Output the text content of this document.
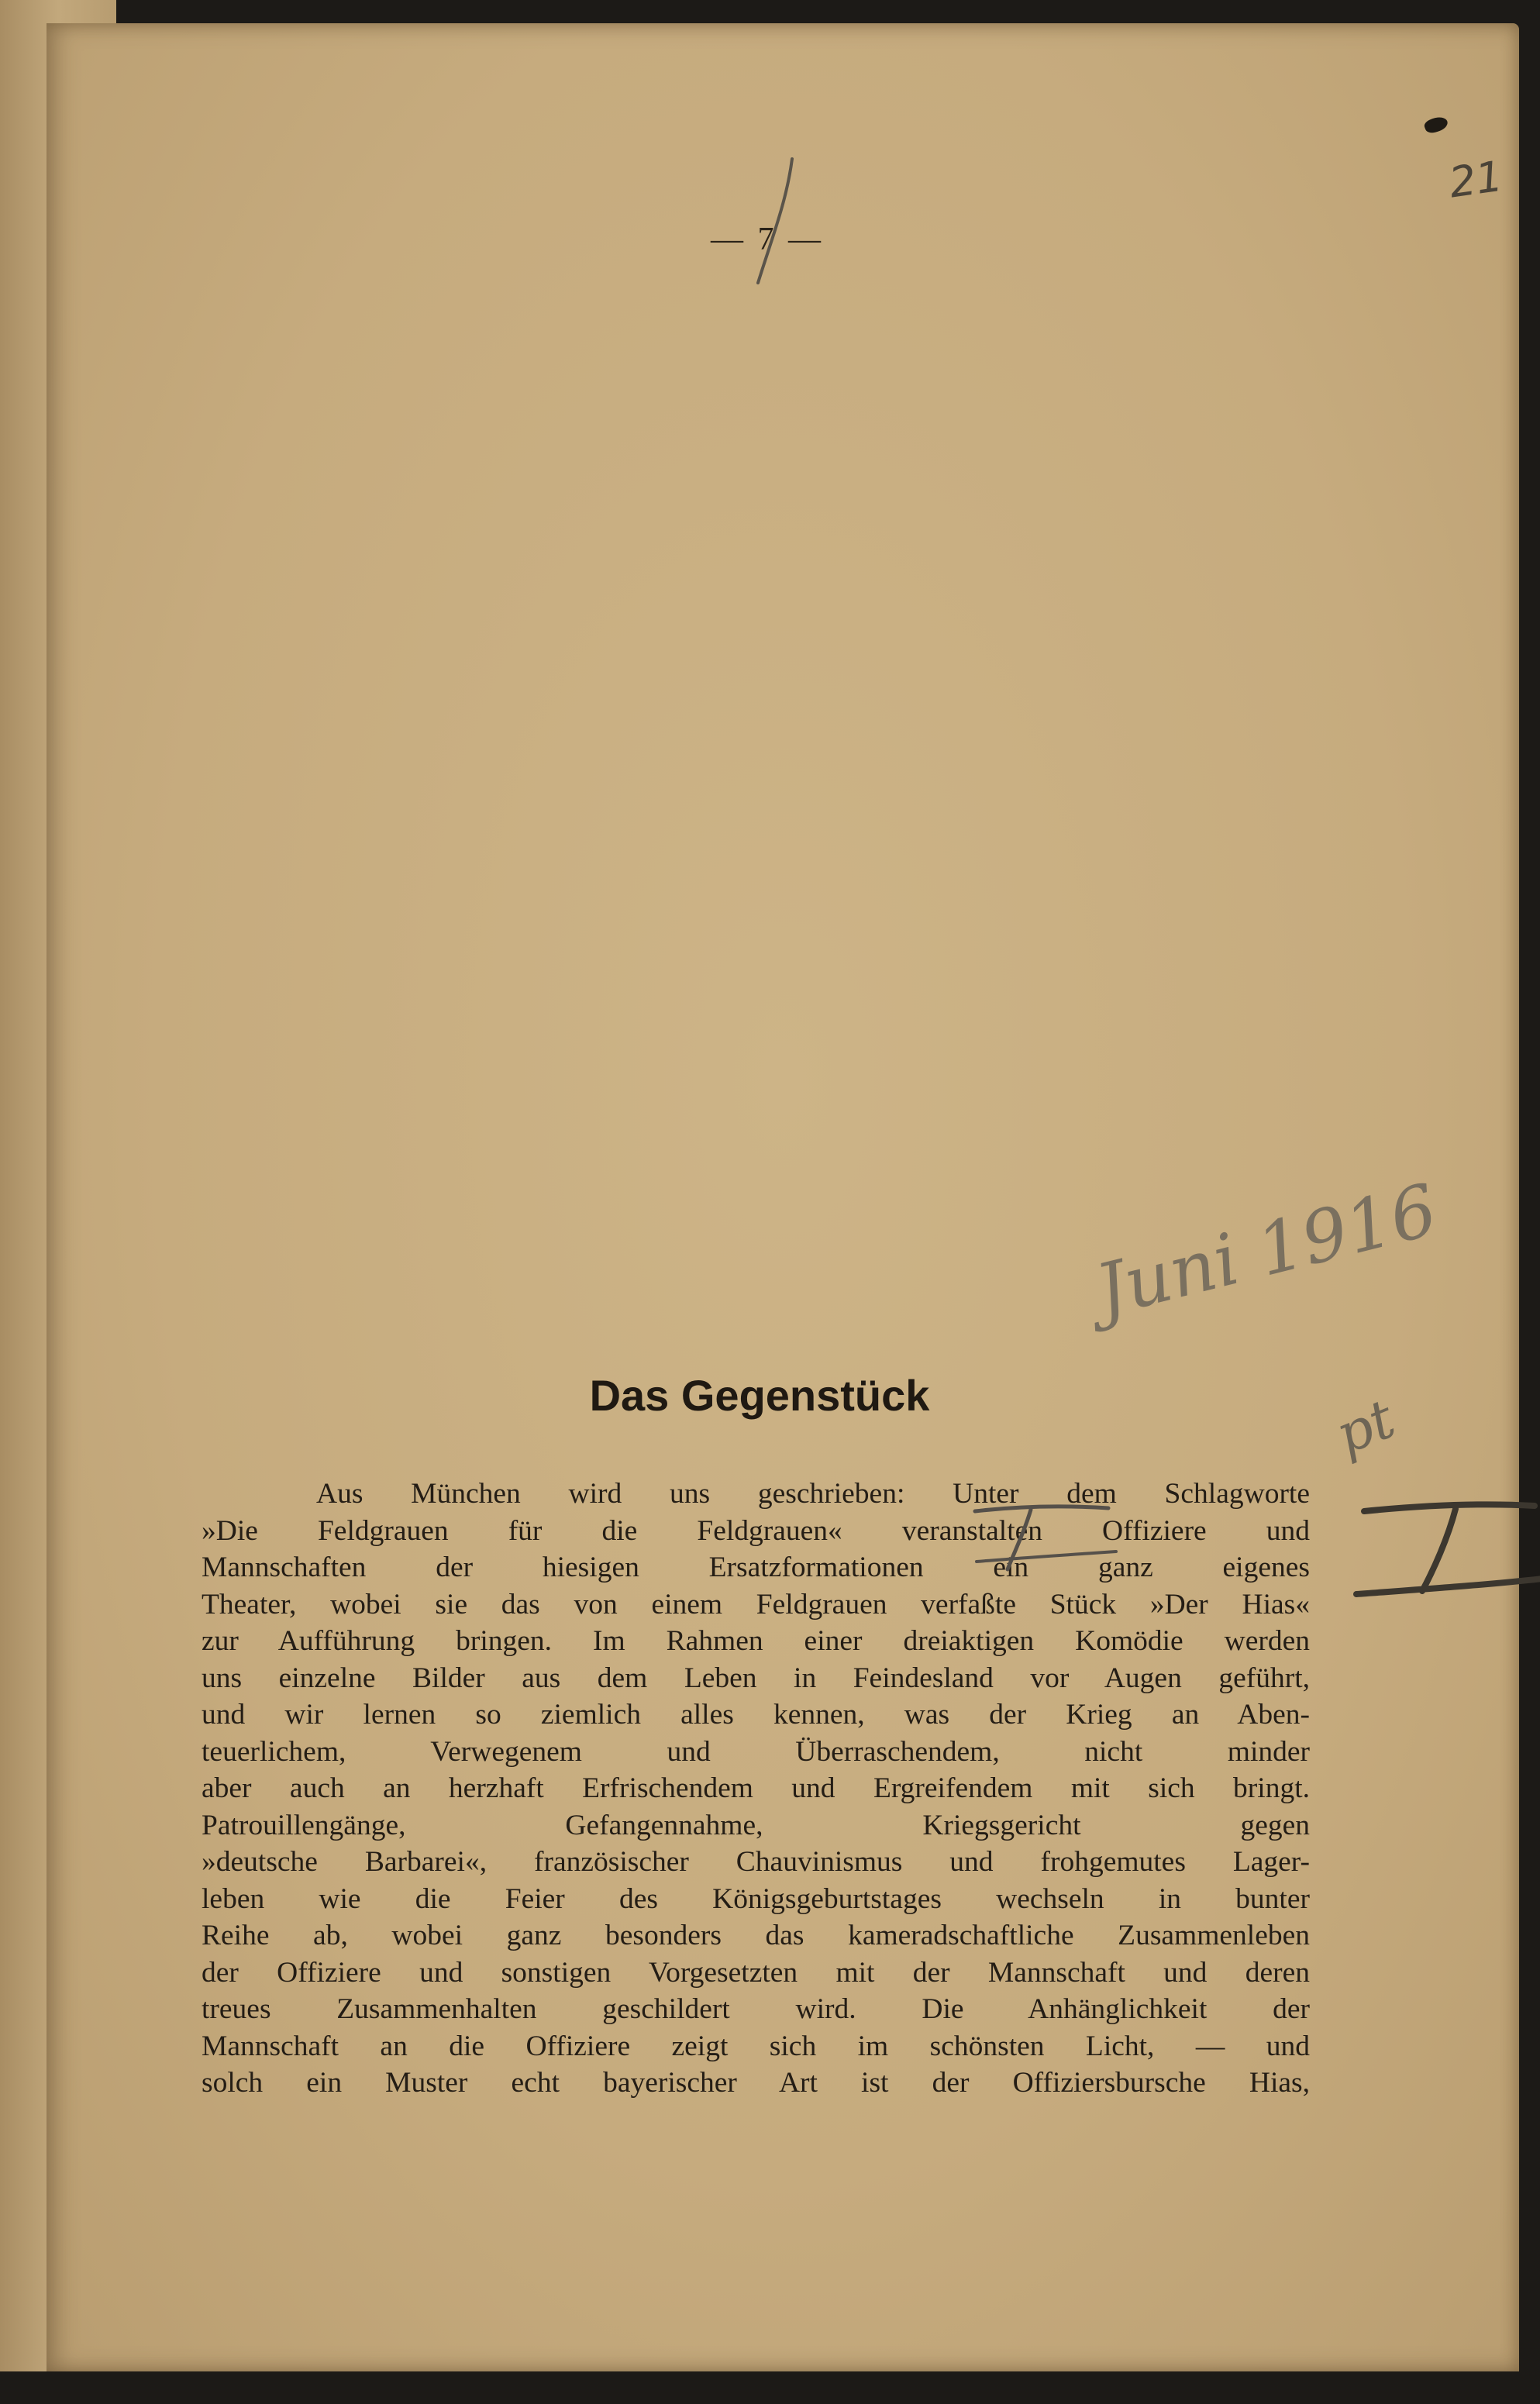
— 7 —
21
Juni 1916
pt
Das Gegenstück
Aus München wird uns geschrieben: Unter dem Schlagworte
»Die Feldgrauen für die Feldgrauen« veranstalten Offiziere und
Mannschaften der hiesigen Ersatzformationen ein ganz eigenes
Theater, wobei sie das von einem Feldgrauen verfaßte Stück »Der Hias«
zur Aufführung bringen. Im Rahmen einer dreiaktigen Komödie werden
uns einzelne Bilder aus dem Leben in Feindesland vor Augen geführt,
und wir lernen so ziemlich alles kennen, was der Krieg an Aben-
teuerlichem, Verwegenem und Überraschendem, nicht minder
aber auch an herzhaft Erfrischendem und Ergreifendem mit sich bringt.
Patrouillengänge, Gefangennahme, Kriegsgericht gegen
»deutsche Barbarei«, französischer Chauvinismus und frohgemutes Lager-
leben wie die Feier des Königsgeburtstages wechseln in bunter
Reihe ab, wobei ganz besonders das kameradschaftliche Zusammenleben
der Offiziere und sonstigen Vorgesetzten mit der Mannschaft und deren
treues Zusammenhalten geschildert wird. Die Anhänglichkeit der
Mannschaft an die Offiziere zeigt sich im schönsten Licht, — und
solch ein Muster echt bayerischer Art ist der Offiziersbursche Hias,
